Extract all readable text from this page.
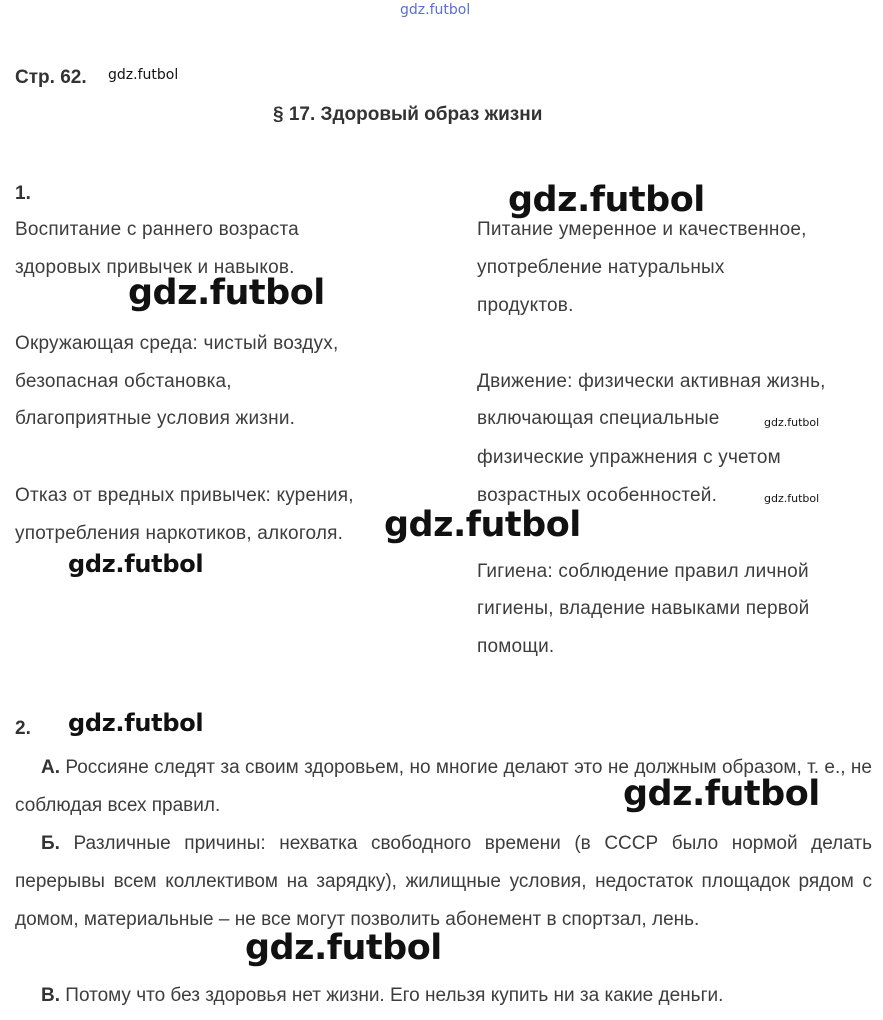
gdz.futbol
Стр. 62. gdz.futbol
§ 17. Здоровый образ жизни
1.
Воспитание с раннего возраста
здоровых привычек и навыков.
Окружающая среда: чистый воздух,
безопасная обстановка,
благоприятные условия жизни.
Отказ от вредных привычек: курения,
употребления наркотиков, алкоголя.
Питание умеренное и качественное,
употребление натуральных
продуктов.
Движение: физически активная жизнь,
включающая специальные
физические упражнения с учетом
возрастных особенностей.
Гигиена: соблюдение правил личной
гигиены, владение навыками первой
помощи.
gdz.futbol
gdz.futbol
gdz.futbol
gdz.futbol
gdz.futbol
gdz.futbol
2. gdz.futbol
А. Россияне следят за своим здоровьем, но многие делают это не должным образом, т. е., не соблюдая всех правил.
Б. Различные причины: нехватка свободного времени (в СССР было нормой делать перерывы всем коллективом на зарядку), жилищные условия, недостаток площадок рядом с домом, материальные – не все могут позволить абонемент в спортзал, лень.
В. Потому что без здоровья нет жизни. Его нельзя купить ни за какие деньги.
gdz.futbol
gdz.futbol
